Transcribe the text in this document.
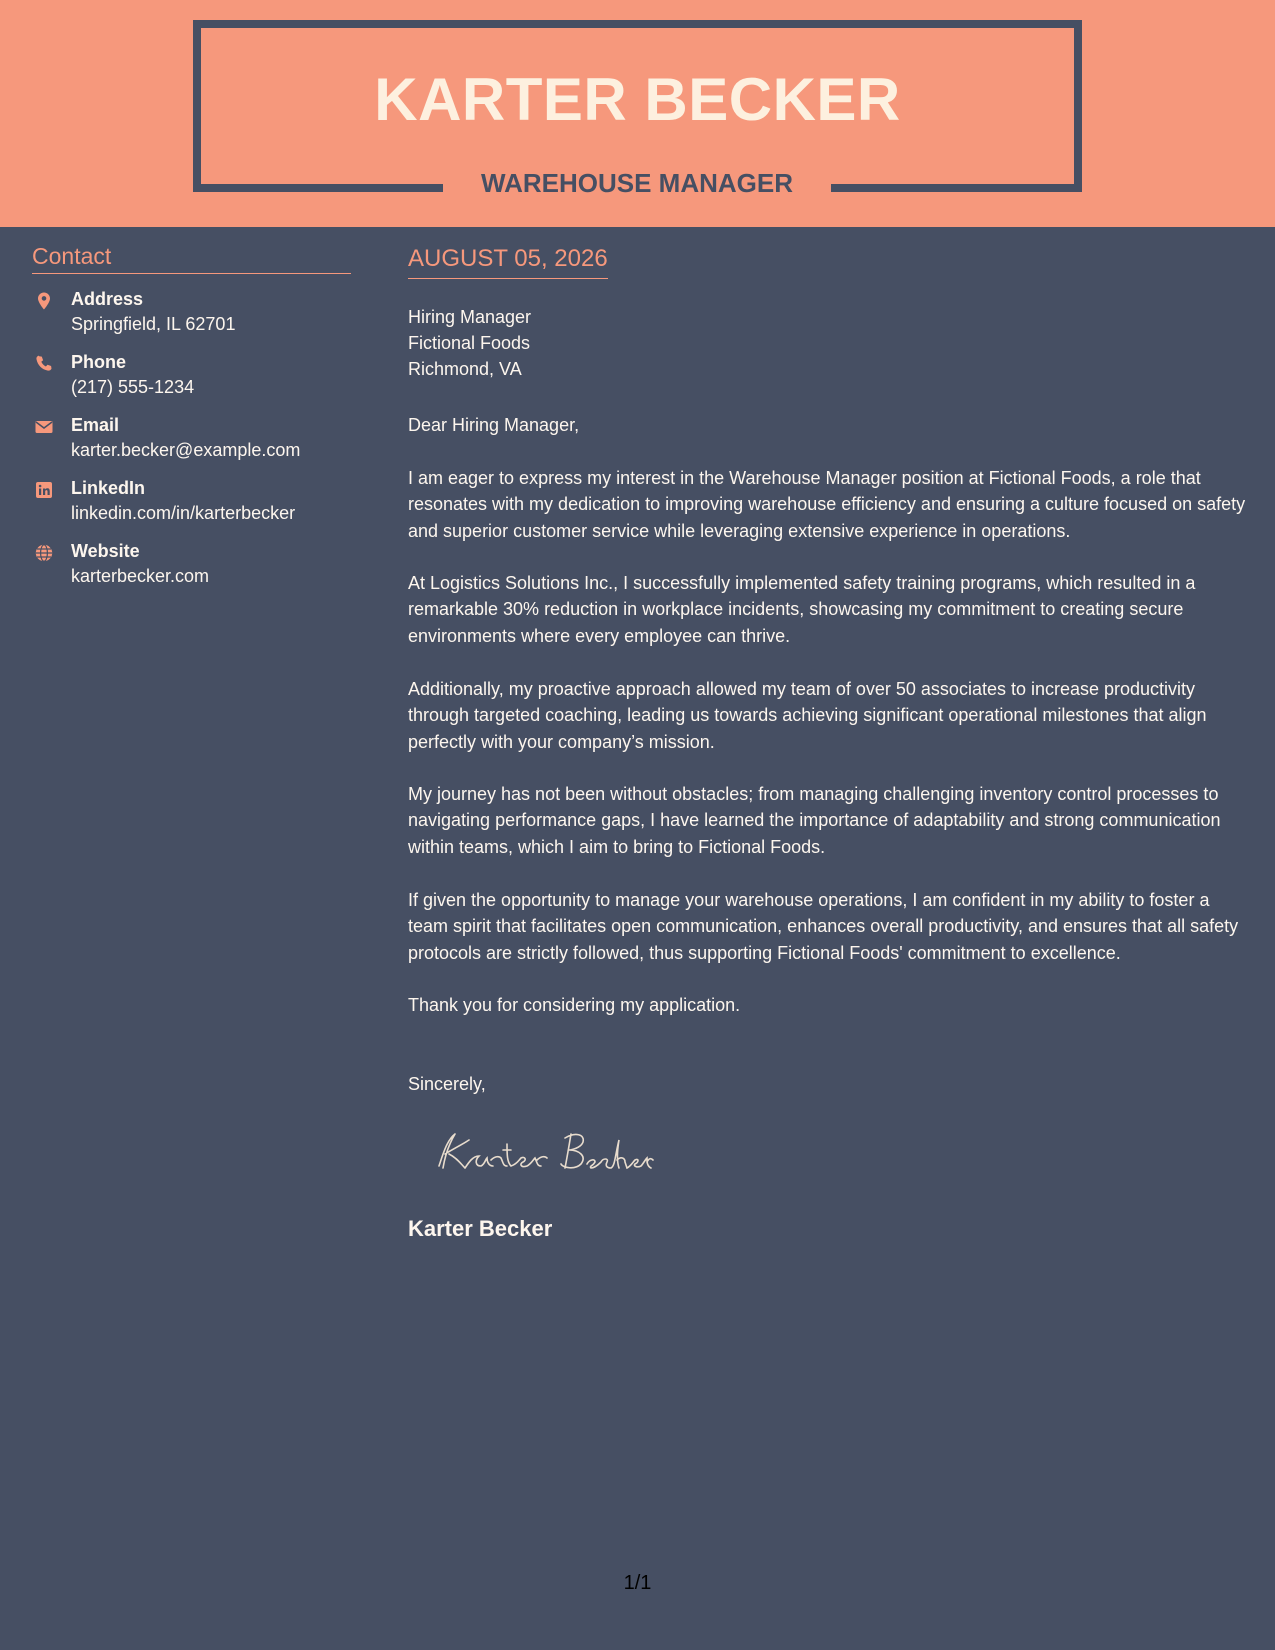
KARTER BECKER
WAREHOUSE MANAGER
Contact
Address
Springfield, IL 62701
Phone
(217) 555-1234
Email
karter.becker@example.com
LinkedIn
linkedin.com/in/karterbecker
Website
karterbecker.com
AUGUST 05, 2026
Hiring Manager
Fictional Foods
Richmond, VA
Dear Hiring Manager,

I am eager to express my interest in the Warehouse Manager position at Fictional Foods, a role that resonates with my dedication to improving warehouse efficiency and ensuring a culture focused on safety and superior customer service while leveraging extensive experience in operations.

At Logistics Solutions Inc., I successfully implemented safety training programs, which resulted in a remarkable 30% reduction in workplace incidents, showcasing my commitment to creating secure environments where every employee can thrive.

Additionally, my proactive approach allowed my team of over 50 associates to increase productivity through targeted coaching, leading us towards achieving significant operational milestones that align perfectly with your company’s mission.

My journey has not been without obstacles; from managing challenging inventory control processes to navigating performance gaps, I have learned the importance of adaptability and strong communication within teams, which I aim to bring to Fictional Foods.

If given the opportunity to manage your warehouse operations, I am confident in my ability to foster a team spirit that facilitates open communication, enhances overall productivity, and ensures that all safety protocols are strictly followed, thus supporting Fictional Foods' commitment to excellence.

Thank you for considering my application.

Sincerely,
Karter Becker
1/1
